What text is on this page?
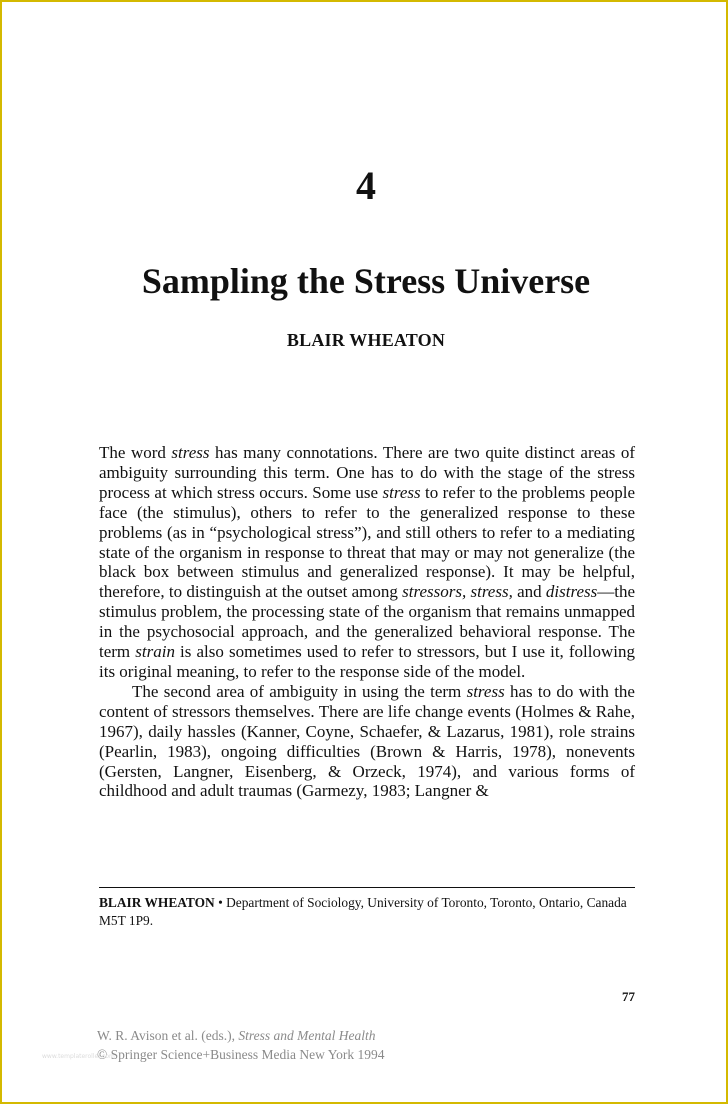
4
Sampling the Stress Universe
BLAIR WHEATON

The word stress has many connotations. There are two quite distinct areas of ambiguity surrounding this term. One has to do with the stage of the stress process at which stress occurs. Some use stress to refer to the problems people face (the stimulus), others to refer to the generalized response to these problems (as in “psychological stress”), and still others to refer to a mediating state of the organism in response to threat that may or may not generalize (the black box between stimulus and generalized response). It may be helpful, therefore, to distinguish at the outset among stressors, stress, and distress—the stimulus problem, the processing state of the organism that remains unmapped in the psychosocial approach, and the generalized behavioral response. The term strain is also sometimes used to refer to stressors, but I use it, following its original meaning, to refer to the response side of the model.

The second area of ambiguity in using the term stress has to do with the content of stressors themselves. There are life change events (Holmes & Rahe, 1967), daily hassles (Kanner, Coyne, Schaefer, & Lazarus, 1981), role strains (Pearlin, 1983), ongoing difficulties (Brown & Harris, 1978), nonevents (Gersten, Langner, Eisenberg, & Orzeck, 1974), and various forms of childhood and adult traumas (Garmezy, 1983; Langner &

BLAIR WHEATON • Department of Sociology, University of Toronto, Toronto, Ontario, Canada M5T 1P9.
77
W. R. Avison et al. (eds.), Stress and Mental Health
© Springer Science+Business Media New York 1994
www.templateroller.com
